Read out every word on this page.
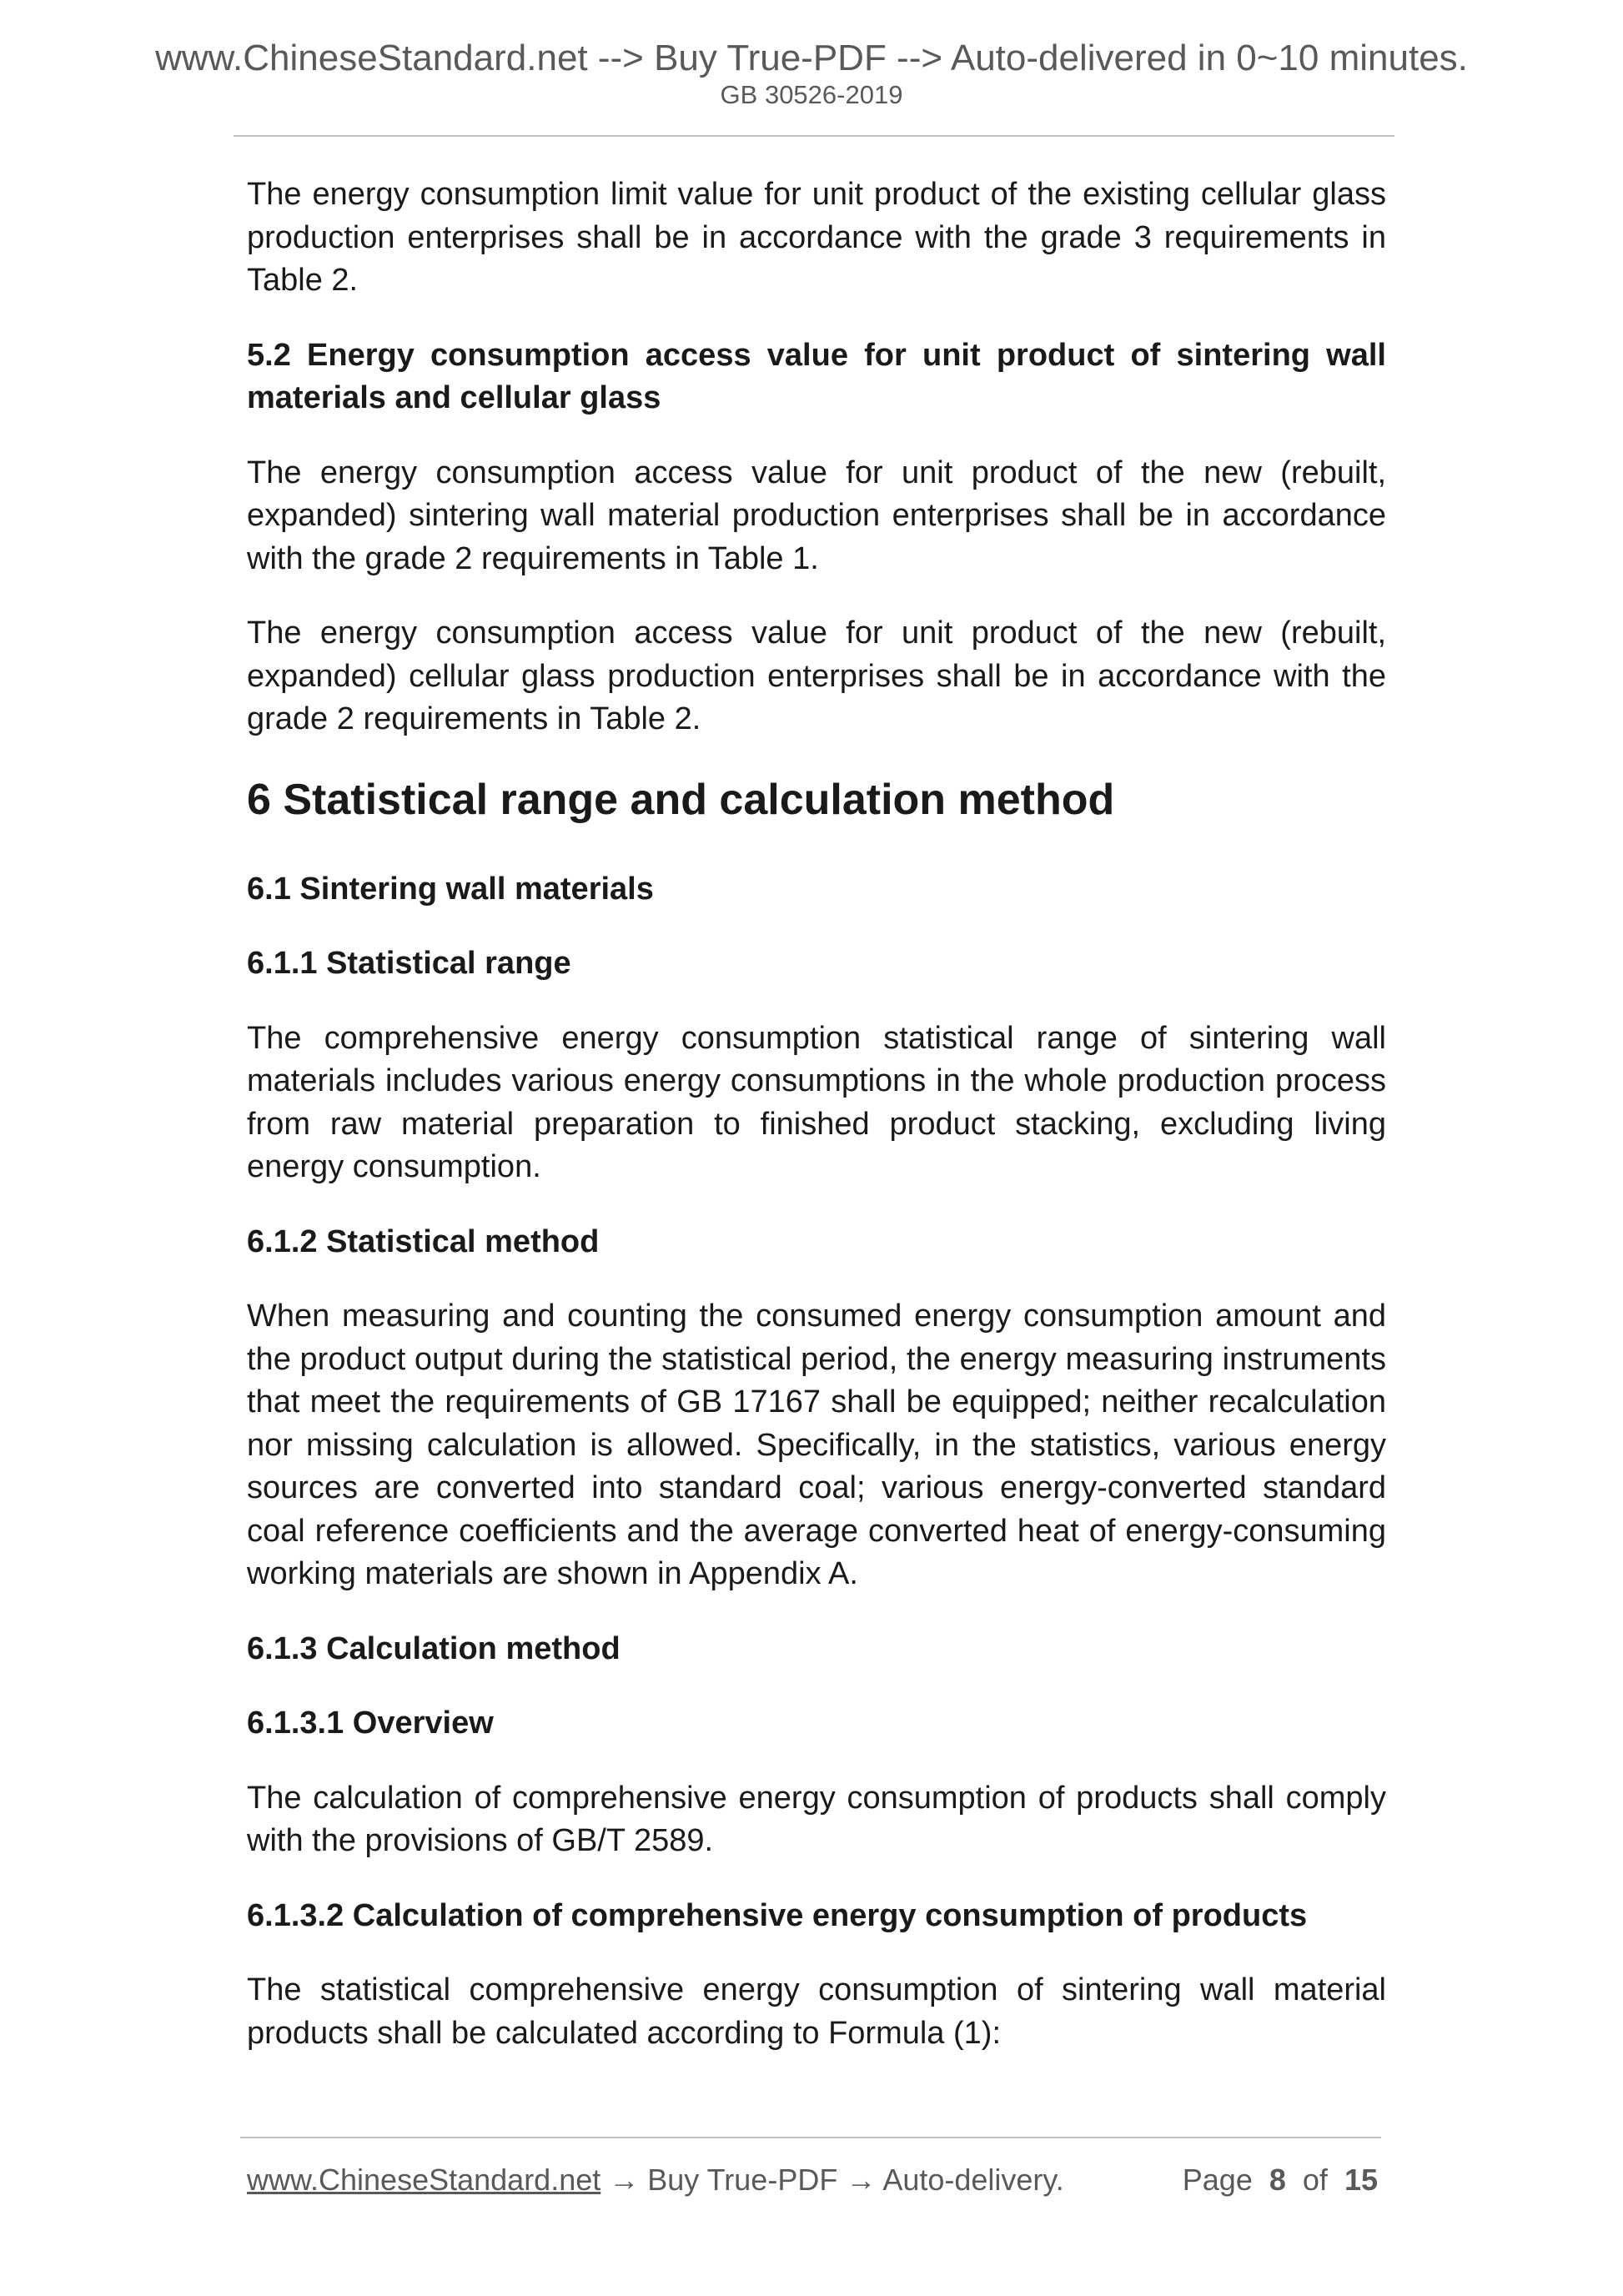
www.ChineseStandard.net --> Buy True-PDF --> Auto-delivered in 0~10 minutes.
GB 30526-2019

The energy consumption limit value for unit product of the existing cellular glass production enterprises shall be in accordance with the grade 3 requirements in Table 2.

5.2 Energy consumption access value for unit product of sintering wall materials and cellular glass

The energy consumption access value for unit product of the new (rebuilt, expanded) sintering wall material production enterprises shall be in accordance with the grade 2 requirements in Table 1.

The energy consumption access value for unit product of the new (rebuilt, expanded) cellular glass production enterprises shall be in accordance with the grade 2 requirements in Table 2.

6 Statistical range and calculation method

6.1 Sintering wall materials

6.1.1 Statistical range

The comprehensive energy consumption statistical range of sintering wall materials includes various energy consumptions in the whole production process from raw material preparation to finished product stacking, excluding living energy consumption.

6.1.2 Statistical method

When measuring and counting the consumed energy consumption amount and the product output during the statistical period, the energy measuring instruments that meet the requirements of GB 17167 shall be equipped; neither recalculation nor missing calculation is allowed. Specifically, in the statistics, various energy sources are converted into standard coal; various energy-converted standard coal reference coefficients and the average converted heat of energy-consuming working materials are shown in Appendix A.

6.1.3 Calculation method

6.1.3.1 Overview

The calculation of comprehensive energy consumption of products shall comply with the provisions of GB/T 2589.

6.1.3.2 Calculation of comprehensive energy consumption of products

The statistical comprehensive energy consumption of sintering wall material products shall be calculated according to Formula (1):

www.ChineseStandard.net → Buy True-PDF → Auto-delivery.	Page 8 of 15
